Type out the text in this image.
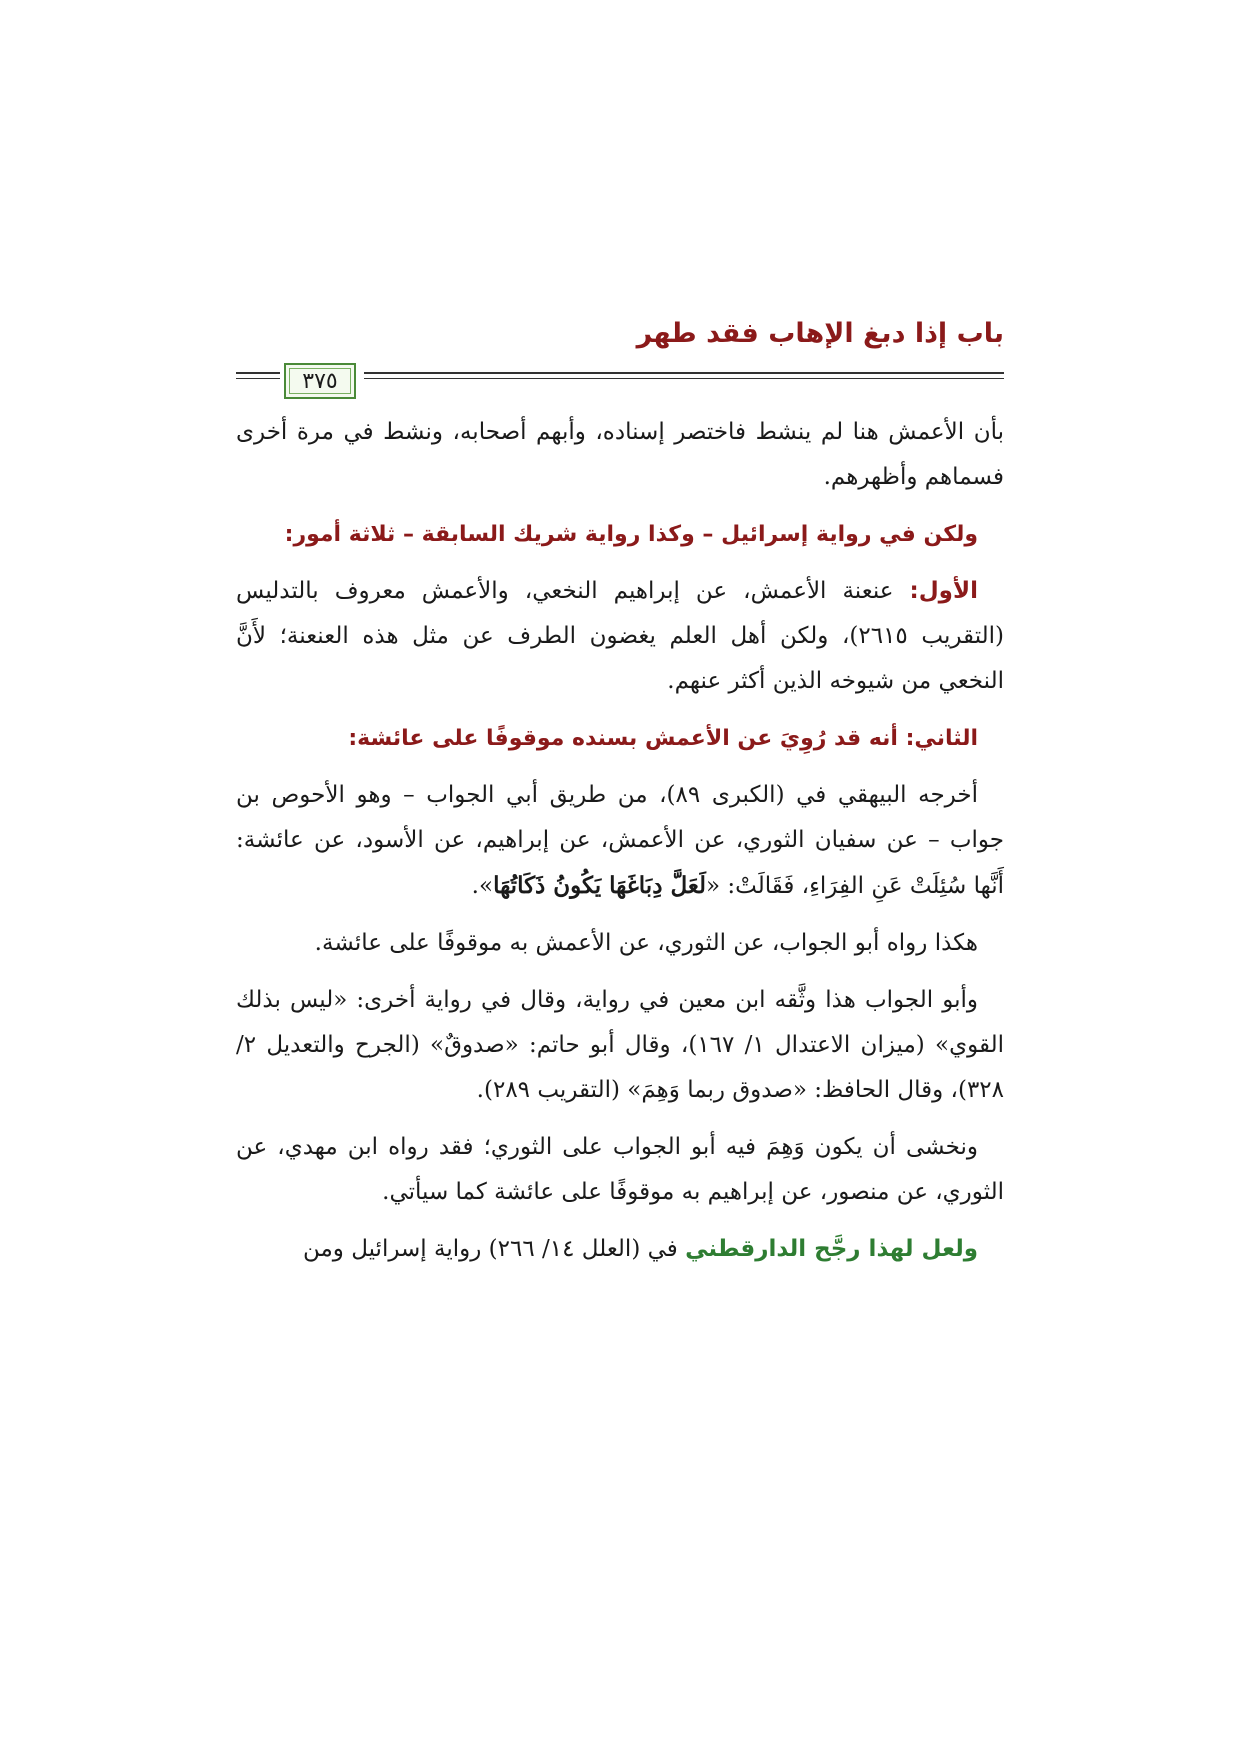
باب إذا دبغ الإهاب فقد طهر
٣٧٥

بأن الأعمش هنا لم ينشط فاختصر إسناده، وأبهم أصحابه، ونشط في مرة أخرى فسماهم وأظهرهم.

ولكن في رواية إسرائيل – وكذا رواية شريك السابقة – ثلاثة أمور:

الأول: عنعنة الأعمش، عن إبراهيم النخعي، والأعمش معروف بالتدليس (التقريب ٢٦١٥)، ولكن أهل العلم يغضون الطرف عن مثل هذه العنعنة؛ لأَنَّ النخعي من شيوخه الذين أكثر عنهم.

الثاني: أنه قد رُوِيَ عن الأعمش بسنده موقوفًا على عائشة:

أخرجه البيهقي في (الكبرى ٨٩)، من طريق أبي الجواب – وهو الأحوص بن جواب – عن سفيان الثوري، عن الأعمش، عن إبراهيم، عن الأسود، عن عائشة: أَنَّها سُئِلَتْ عَنِ الفِرَاءِ، فَقَالَتْ: «لَعَلَّ دِبَاغَهَا يَكُونُ ذَكَاتُهَا».

هكذا رواه أبو الجواب، عن الثوري، عن الأعمش به موقوفًا على عائشة.

وأبو الجواب هذا وثَّقه ابن معين في رواية، وقال في رواية أخرى: «ليس بذلك القوي» (ميزان الاعتدال ١/ ١٦٧)، وقال أبو حاتم: «صدوقٌ» (الجرح والتعديل ٢/ ٣٢٨)، وقال الحافظ: «صدوق ربما وَهِمَ» (التقريب ٢٨٩).

ونخشى أن يكون وَهِمَ فيه أبو الجواب على الثوري؛ فقد رواه ابن مهدي، عن الثوري، عن منصور، عن إبراهيم به موقوفًا على عائشة كما سيأتي.

ولعل لهذا رجَّح الدارقطني في (العلل ١٤/ ٢٦٦) رواية إسرائيل ومن
